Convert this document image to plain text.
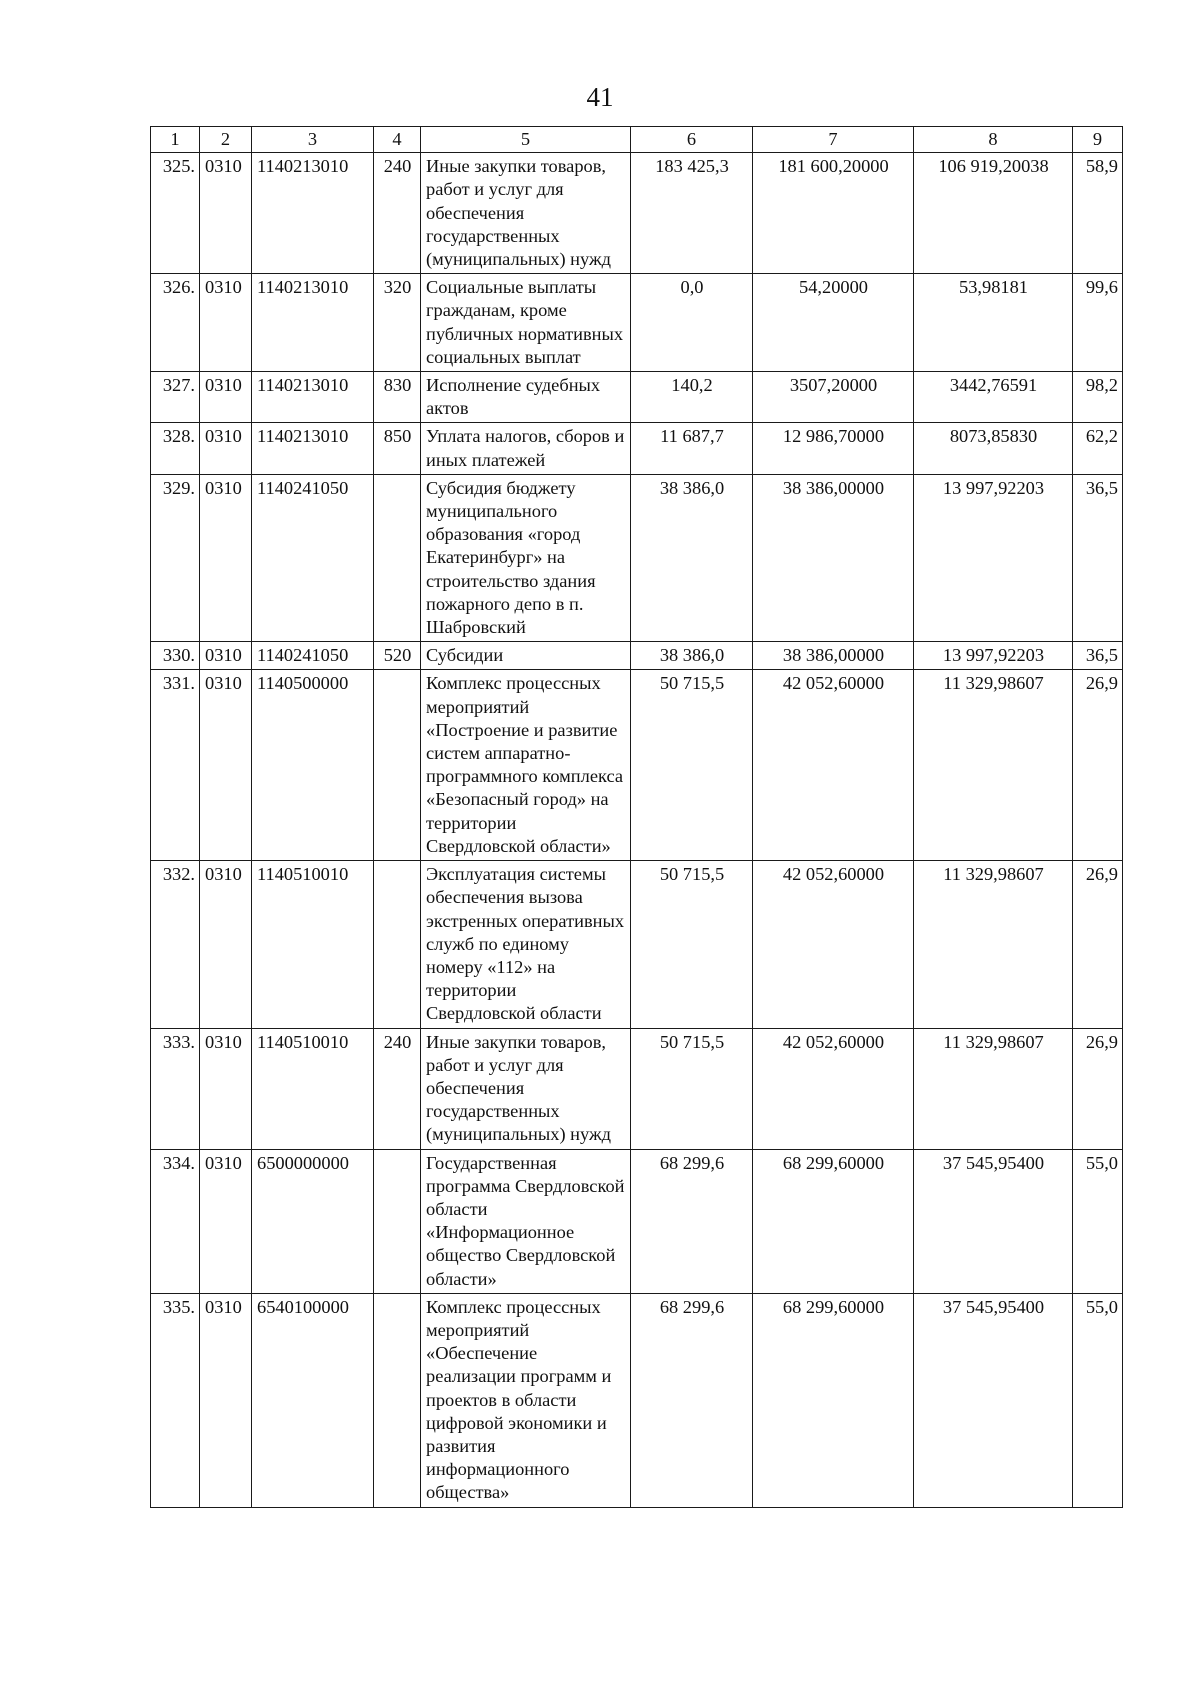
41
1	2	3	4	5	6	7	8	9
325.	0310	1140213010	240	Иные закупки товаров, работ и услуг для обеспечения государственных (муниципальных) нужд	183 425,3	181 600,20000	106 919,20038	58,9
326.	0310	1140213010	320	Социальные выплаты гражданам, кроме публичных нормативных социальных выплат	0,0	54,20000	53,98181	99,6
327.	0310	1140213010	830	Исполнение судебных актов	140,2	3507,20000	3442,76591	98,2
328.	0310	1140213010	850	Уплата налогов, сборов и иных платежей	11 687,7	12 986,70000	8073,85830	62,2
329.	0310	1140241050		Субсидия бюджету муниципального образования «город Екатеринбург» на строительство здания пожарного депо в п. Шабровский	38 386,0	38 386,00000	13 997,92203	36,5
330.	0310	1140241050	520	Субсидии	38 386,0	38 386,00000	13 997,92203	36,5
331.	0310	1140500000		Комплекс процессных мероприятий «Построение и развитие систем аппаратно-программного комплекса «Безопасный город» на территории Свердловской области»	50 715,5	42 052,60000	11 329,98607	26,9
332.	0310	1140510010		Эксплуатация системы обеспечения вызова экстренных оперативных служб по единому номеру «112» на территории Свердловской области	50 715,5	42 052,60000	11 329,98607	26,9
333.	0310	1140510010	240	Иные закупки товаров, работ и услуг для обеспечения государственных (муниципальных) нужд	50 715,5	42 052,60000	11 329,98607	26,9
334.	0310	6500000000		Государственная программа Свердловской области «Информационное общество Свердловской области»	68 299,6	68 299,60000	37 545,95400	55,0
335.	0310	6540100000		Комплекс процессных мероприятий «Обеспечение реализации программ и проектов в области цифровой экономики и развития информационного общества»	68 299,6	68 299,60000	37 545,95400	55,0
